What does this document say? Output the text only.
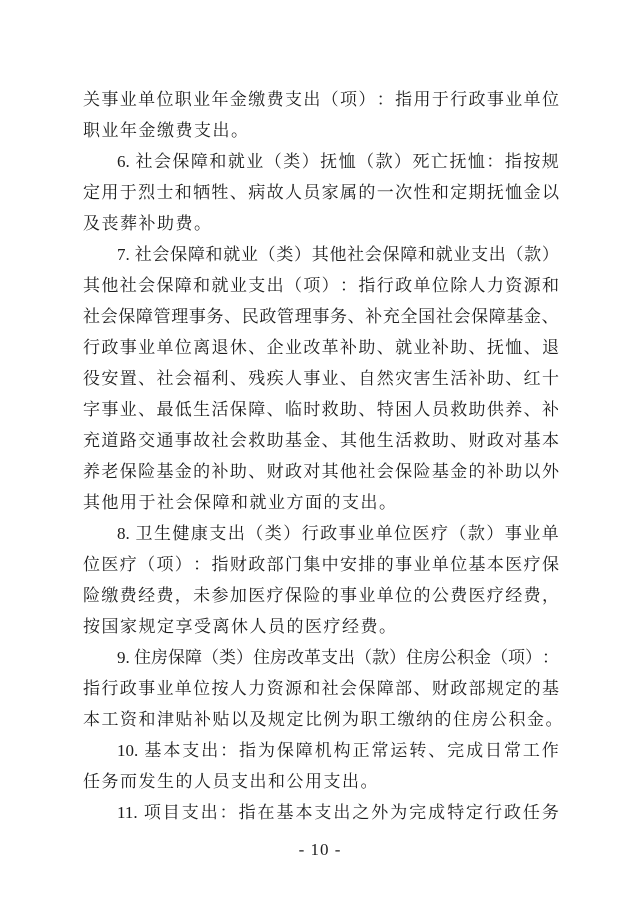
关 事 业 单 位 职 业 年 金 缴 费 支 出 （ 项 ） ： 指 用 于 行 政 事 业 单 位
职业年金缴费支出。
6. 社 会 保 障 和 就 业 （ 类 ） 抚 恤 （ 款 ） 死 亡 抚 恤 ： 指 按 规
定 用 于 烈 士 和 牺 牲 、 病 故 人 员 家 属 的 一 次 性 和 定 期 抚 恤 金 以
及丧葬补助费。
7. 社 会 保 障 和 就 业 （ 类 ） 其 他 社 会 保 障 和 就 业 支 出 （ 款 ）
其 他 社 会 保 障 和 就 业 支 出 （ 项 ） ： 指 行 政 单 位 除 人 力 资 源 和
社 会 保 障 管 理 事 务 、 民 政 管 理 事 务 、 补 充 全 国 社 会 保 障 基 金 、
行 政 事 业 单 位 离 退 休 、 企 业 改 革 补 助 、 就 业 补 助 、 抚 恤 、 退
役 安 置 、 社 会 福 利 、 残 疾 人 事 业 、 自 然 灾 害 生 活 补 助 、 红 十
字 事 业 、 最 低 生 活 保 障 、 临 时 救 助 、 特 困 人 员 救 助 供 养 、 补
充 道 路 交 通 事 故 社 会 救 助 基 金 、 其 他 生 活 救 助 、 财 政 对 基 本
养 老 保 险 基 金 的 补 助 、 财 政 对 其 他 社 会 保 险 基 金 的 补 助 以 外
其他用于社会保障和就业方面的支出。
8. 卫 生 健 康 支 出 （ 类 ） 行 政 事 业 单 位 医 疗 （ 款 ） 事 业 单
位 医 疗 （ 项 ） ： 指 财 政 部 门 集 中 安 排 的 事 业 单 位 基 本 医 疗 保
险 缴 费 经 费 ， 未 参 加 医 疗 保 险 的 事 业 单 位 的 公 费 医 疗 经 费 ，
按国家规定享受离休人员的医疗经费。
9. 住 房 保 障 （ 类 ） 住 房 改 革 支 出 （ 款 ） 住 房 公 积 金 （ 项 ） ：
指 行 政 事 业 单 位 按 人 力 资 源 和 社 会 保 障 部 、 财 政 部 规 定 的 基
本工资和津贴补贴以及规定比例为职工缴纳的住房公积金。
10. 基 本 支 出 ： 指 为 保 障 机 构 正 常 运 转 、 完 成 日 常 工 作
任务而发生的人员支出和公用支出。
11. 项 目 支 出 ： 指 在 基 本 支 出 之 外 为 完 成 特 定 行 政 任 务
- 10 -
